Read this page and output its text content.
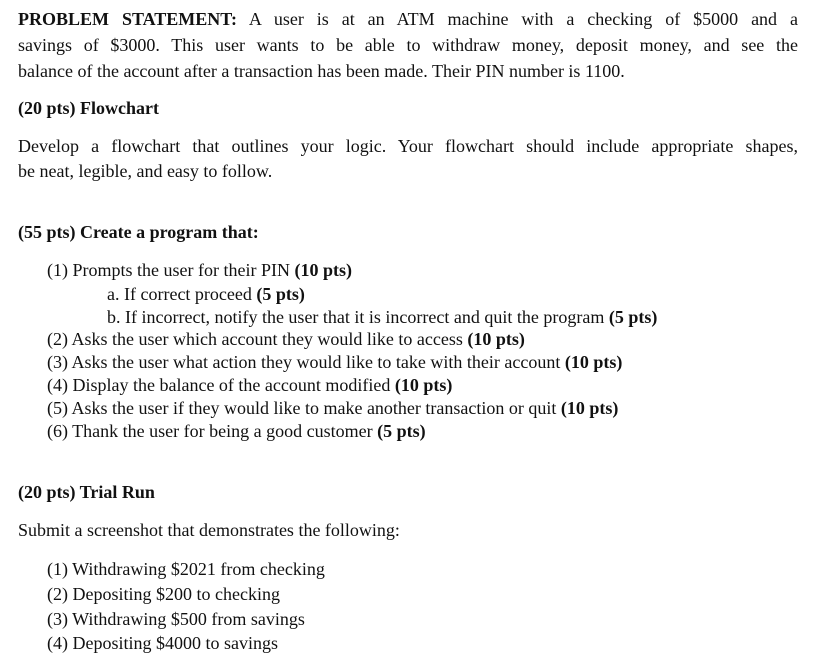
PROBLEM STATEMENT: A user is at an ATM machine with a checking of $5000 and a
savings of $3000. This user wants to be able to withdraw money, deposit money, and see the
balance of the account after a transaction has been made. Their PIN number is 1100.
(20 pts) Flowchart
Develop a flowchart that outlines your logic. Your flowchart should include appropriate shapes,
be neat, legible, and easy to follow.
(55 pts) Create a program that:
(1) Prompts the user for their PIN (10 pts)
a. If correct proceed (5 pts)
b. If incorrect, notify the user that it is incorrect and quit the program (5 pts)
(2) Asks the user which account they would like to access (10 pts)
(3) Asks the user what action they would like to take with their account (10 pts)
(4) Display the balance of the account modified (10 pts)
(5) Asks the user if they would like to make another transaction or quit (10 pts)
(6) Thank the user for being a good customer (5 pts)
(20 pts) Trial Run
Submit a screenshot that demonstrates the following:
(1) Withdrawing $2021 from checking
(2) Depositing $200 to checking
(3) Withdrawing $500 from savings
(4) Depositing $4000 to savings
